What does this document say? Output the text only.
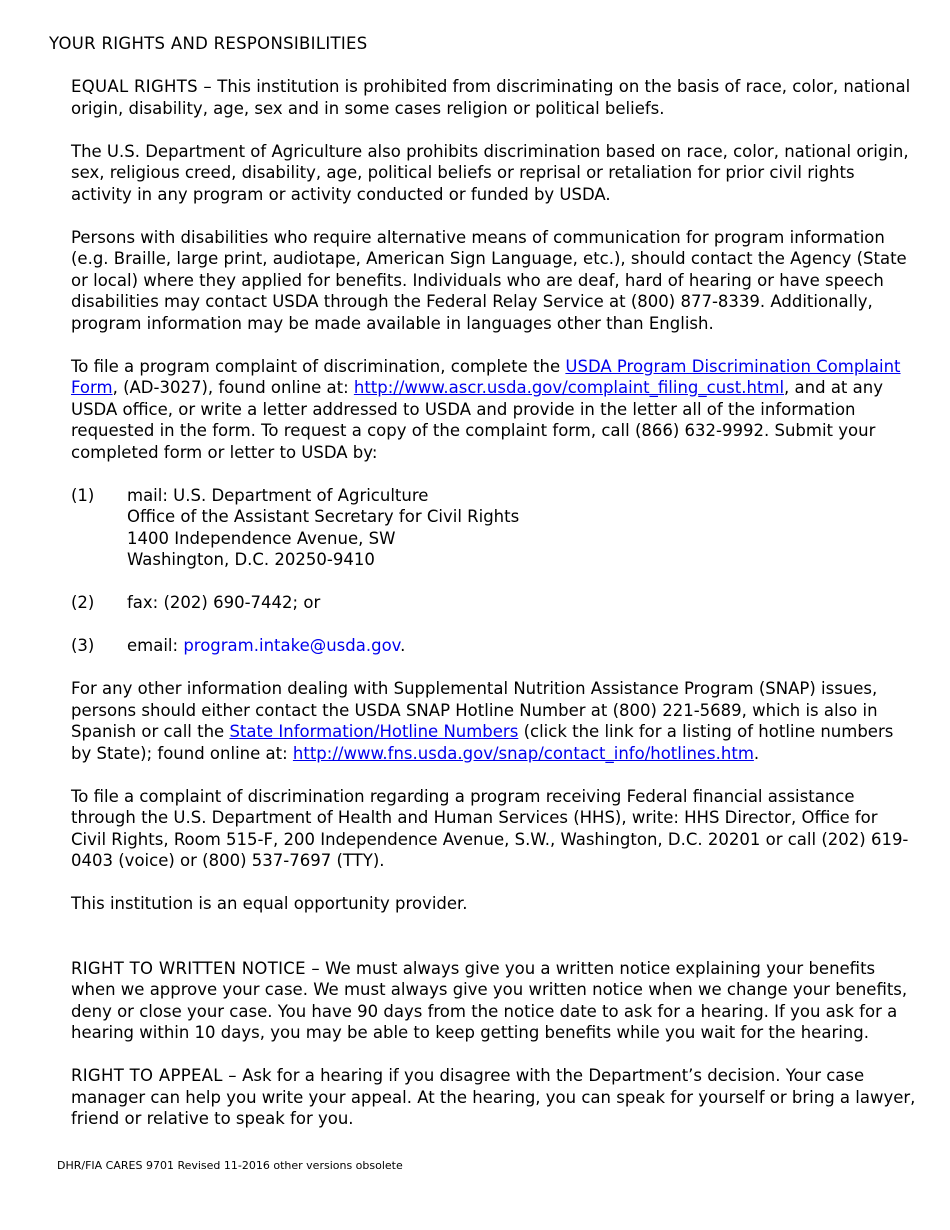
YOUR RIGHTS AND RESPONSIBILITIES

EQUAL RIGHTS – This institution is prohibited from discriminating on the basis of race, color, national origin, disability, age, sex and in some cases religion or political beliefs.

The U.S. Department of Agriculture also prohibits discrimination based on race, color, national origin, sex, religious creed, disability, age, political beliefs or reprisal or retaliation for prior civil rights activity in any program or activity conducted or funded by USDA.

Persons with disabilities who require alternative means of communication for program information (e.g. Braille, large print, audiotape, American Sign Language, etc.), should contact the Agency (State or local) where they applied for benefits. Individuals who are deaf, hard of hearing or have speech disabilities may contact USDA through the Federal Relay Service at (800) 877-8339. Additionally, program information may be made available in languages other than English.

To file a program complaint of discrimination, complete the USDA Program Discrimination Complaint Form, (AD-3027), found online at: http://www.ascr.usda.gov/complaint_filing_cust.html, and at any USDA office, or write a letter addressed to USDA and provide in the letter all of the information requested in the form. To request a copy of the complaint form, call (866) 632-9992. Submit your completed form or letter to USDA by:

(1)	mail: U.S. Department of Agriculture
Office of the Assistant Secretary for Civil Rights
1400 Independence Avenue, SW
Washington, D.C. 20250-9410
(2)	fax: (202) 690-7442; or
(3)	email: program.intake@usda.gov.

For any other information dealing with Supplemental Nutrition Assistance Program (SNAP) issues, persons should either contact the USDA SNAP Hotline Number at (800) 221-5689, which is also in Spanish or call the State Information/Hotline Numbers (click the link for a listing of hotline numbers by State); found online at: http://www.fns.usda.gov/snap/contact_info/hotlines.htm.

To file a complaint of discrimination regarding a program receiving Federal financial assistance through the U.S. Department of Health and Human Services (HHS), write: HHS Director, Office for Civil Rights, Room 515-F, 200 Independence Avenue, S.W., Washington, D.C. 20201 or call (202) 619-0403 (voice) or (800) 537-7697 (TTY).

This institution is an equal opportunity provider.

RIGHT TO WRITTEN NOTICE – We must always give you a written notice explaining your benefits when we approve your case. We must always give you written notice when we change your benefits, deny or close your case. You have 90 days from the notice date to ask for a hearing. If you ask for a hearing within 10 days, you may be able to keep getting benefits while you wait for the hearing.

RIGHT TO APPEAL – Ask for a hearing if you disagree with the Department’s decision. Your case manager can help you write your appeal. At the hearing, you can speak for yourself or bring a lawyer, friend or relative to speak for you.

DHR/FIA CARES 9701 Revised 11-2016 other versions obsolete
